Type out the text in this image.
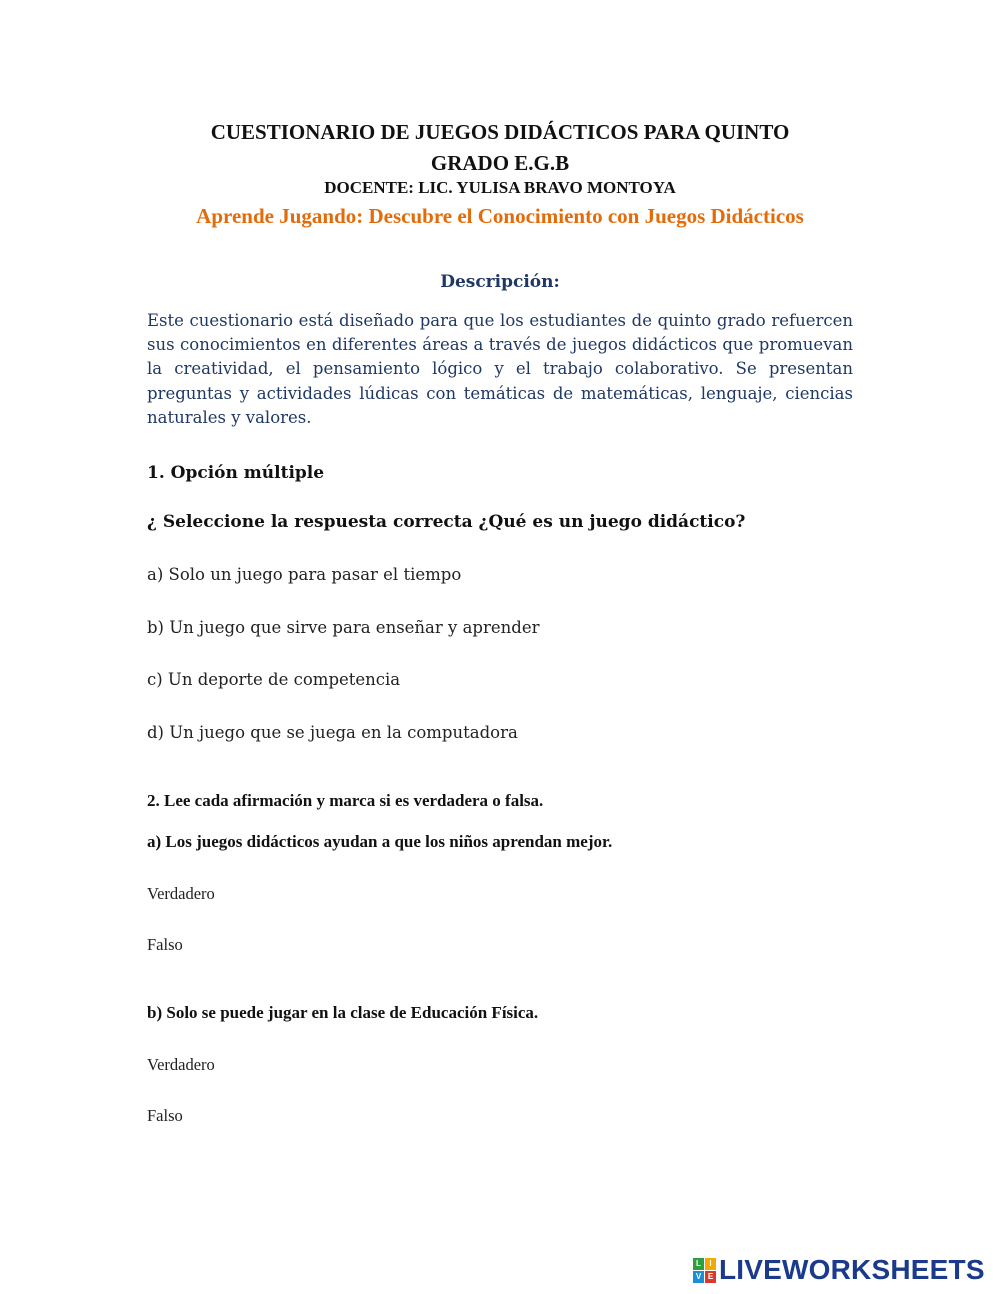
CUESTIONARIO DE JUEGOS DIDÁCTICOS PARA QUINTO
GRADO E.G.B
DOCENTE: LIC. YULISA BRAVO MONTOYA
Aprende Jugando: Descubre el Conocimiento con Juegos Didácticos
Descripción:
Este cuestionario está diseñado para que los estudiantes de quinto grado refuercen sus conocimientos en diferentes áreas a través de juegos didácticos que promuevan la creatividad, el pensamiento lógico y el trabajo colaborativo. Se presentan preguntas y actividades lúdicas con temáticas de matemáticas, lenguaje, ciencias naturales y valores.
1. Opción múltiple
¿ Seleccione la respuesta correcta ¿Qué es un juego didáctico?
a) Solo un juego para pasar el tiempo
b) Un juego que sirve para enseñar y aprender
c) Un deporte de competencia
d) Un juego que se juega en la computadora
2. Lee cada afirmación y marca si es verdadera o falsa.
a) Los juegos didácticos ayudan a que los niños aprendan mejor.
Verdadero
Falso
b) Solo se puede jugar en la clase de Educación Física.
Verdadero
Falso
L	I
V E LIVEWORKSHEETS
